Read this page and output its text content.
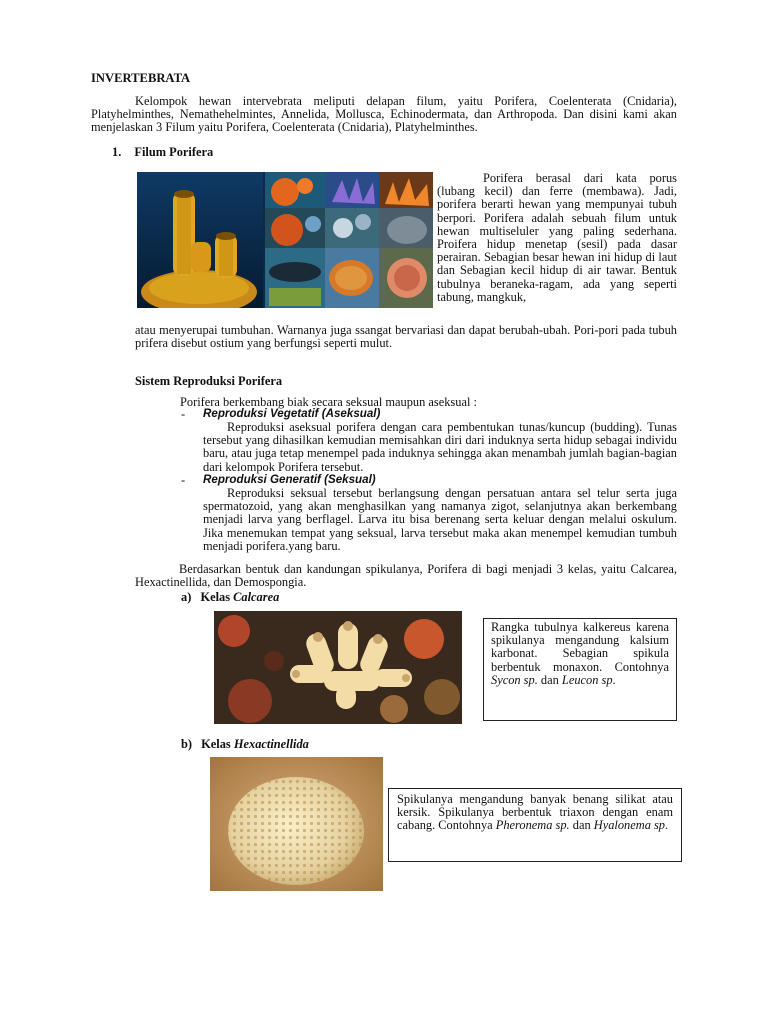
INVERTEBRATA
Kelompok hewan intervebrata meliputi delapan filum, yaitu Porifera, Coelenterata (Cnidaria), Platyhelminthes, Nemathehelmintes, Annelida, Mollusca, Echinodermata, dan Arthropoda. Dan disini kami akan menjelaskan 3 Filum yaitu Porifera, Coelenterata (Cnidaria), Platyhelminthes.
1. Filum Porifera
Porifera berasal dari kata porus (lubang kecil) dan ferre (membawa). Jadi, porifera berarti hewan yang mempunyai tubuh berpori. Porifera adalah sebuah filum untuk hewan multiseluler yang paling sederhana. Proifera hidup menetap (sesil) pada dasar perairan. Sebagian besar hewan ini hidup di laut dan Sebagian kecil hidup di air tawar. Bentuk tubulnya beraneka-ragam, ada yang seperti tabung, mangkuk,
atau menyerupai tumbuhan. Warnanya juga ssangat bervariasi dan dapat berubah-ubah. Pori-pori pada tubuh prifera disebut ostium yang berfungsi seperti mulut.
Sistem Reproduksi Porifera
Porifera berkembang biak secara seksual maupun aseksual :
- Reproduksi Vegetatif (Aseksual)
Reproduksi aseksual porifera dengan cara pembentukan tunas/kuncup (budding). Tunas tersebut yang dihasilkan kemudian memisahkan diri dari induknya serta hidup sebagai individu baru, atau juga tetap menempel pada induknya sehingga akan menambah jumlah bagian-bagian dari kelompok Porifera tersebut.
- Reproduksi Generatif (Seksual)
Reproduksi seksual tersebut berlangsung dengan persatuan antara sel telur serta juga spermatozoid, yang akan menghasilkan yang namanya zigot, selanjutnya akan berkembang menjadi larva yang berflagel. Larva itu bisa berenang serta keluar dengan melalui oskulum. Jika menemukan tempat yang seksual, larva tersebut maka akan menempel kemudian tumbuh menjadi porifera.yang baru.
Berdasarkan bentuk dan kandungan spikulanya, Porifera di bagi menjadi 3 kelas, yaitu Calcarea, Hexactinellida, dan Demospongia.
a) Kelas Calcarea
Rangka tubulnya kalkereus karena spikulanya mengandung kalsium karbonat. Sebagian spikula berbentuk monaxon. Contohnya Sycon sp. dan Leucon sp.
b) Kelas Hexactinellida
Spikulanya mengandung banyak benang silikat atau kersik. Spikulanya berbentuk triaxon dengan enam cabang. Contohnya Pheronema sp. dan Hyalonema sp.
